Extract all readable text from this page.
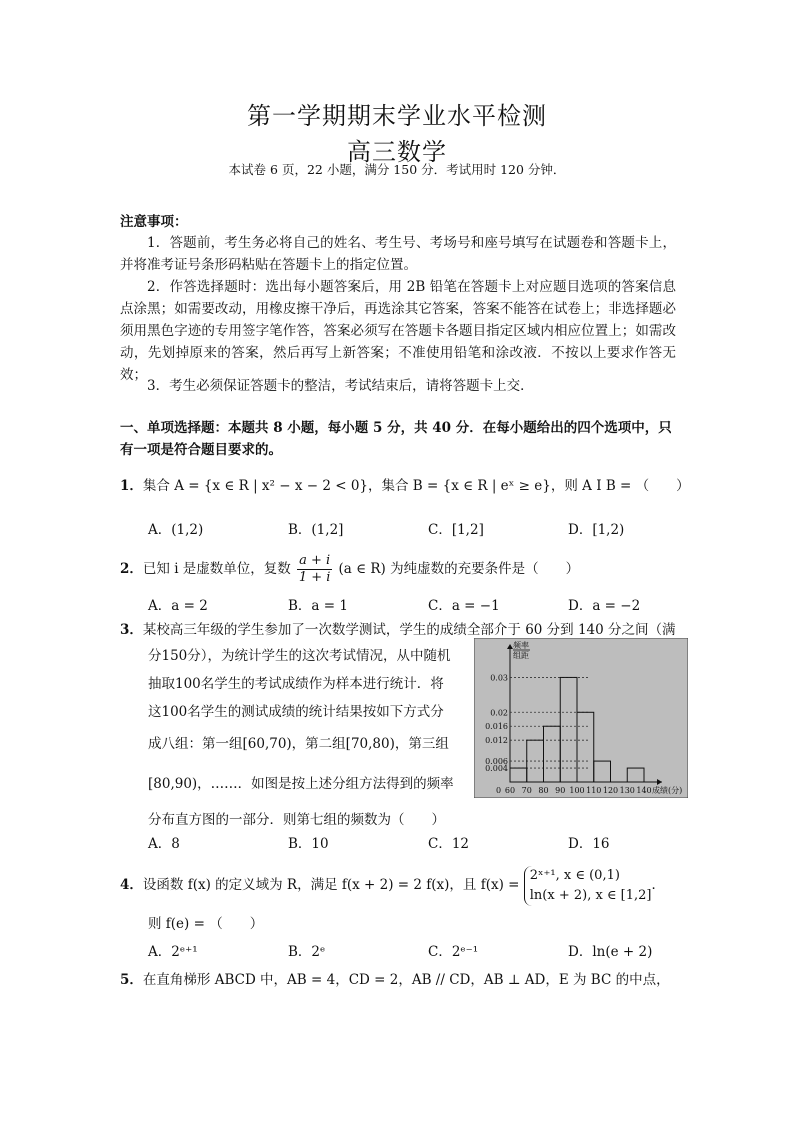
第一学期期末学业水平检测
高三数学
本试卷 6 页，22 小题，满分 150 分．考试用时 120 分钟．
注意事项：
1．答题前，考生务必将自己的姓名、考生号、考场号和座号填写在试题卷和答题卡上，并将准考证号条形码粘贴在答题卡上的指定位置。
2．作答选择题时：选出每小题答案后，用 2B 铅笔在答题卡上对应题目选项的答案信息点涂黑；如需要改动，用橡皮擦干净后，再选涂其它答案，答案不能答在试卷上；非选择题必须用黑色字迹的专用签字笔作答，答案必须写在答题卡各题目指定区域内相应位置上；如需改动，先划掉原来的答案，然后再写上新答案；不准使用铅笔和涂改液．不按以上要求作答无效；
3．考生必须保证答题卡的整洁，考试结束后，请将答题卡上交．
一、单项选择题：本题共 8 小题，每小题 5 分，共 40 分．在每小题给出的四个选项中，只
有一项是符合题目要求的。
1．集合 A = {x ∈ R | x² − x − 2 < 0}，集合 B = {x ∈ R | eˣ ≥ e}，则 A I B = （　　）
A．(1,2)	B．(1,2]	C．[1,2]	D．[1,2)
2．已知 i 是虚数单位，复数 $\frac{a + i}{1 + i} (a$ ∈ R) 为纯虚数的充要条件是（　　）
A．a = 2	B．a = 1	C．a = −1	D．a = −2
3．某校高三年级的学生参加了一次数学测试，学生的成绩全部介于 60 分到 140 分之间（满
分150分），为统计学生的这次考试情况，从中随机
抽取100名学生的考试成绩作为样本进行统计．将
这100名学生的测试成绩的统计结果按如下方式分
成八组：第一组[60,70)，第二组[70,80)，第三组
[80,90)，……．如图是按上述分组方法得到的频率
分布直方图的一部分．则第七组的频数为（　　）
0.004
0.006
0.012
0.016
0.02
0.03
60 70 80 90 100 110 120 130 140
0	成绩(分)
频率
组距
A．8	B．10	C．12	D．16
4．设函数 f(x) 的定义域为 R，满足 f(x + 2) = 2 f(x)，且 f(x) =
2ˣ⁺¹, x ∈ (0,1)
ln(x + 2), x ∈ [1,2]
．
则 f(e) = （　　）
A．2ᵉ⁺¹	B．2ᵉ	C．2ᵉ⁻¹	D．ln(e + 2)
5．在直角梯形 ABCD 中，AB = 4，CD = 2，AB // CD，AB ⊥ AD，E 为 BC 的中点，
